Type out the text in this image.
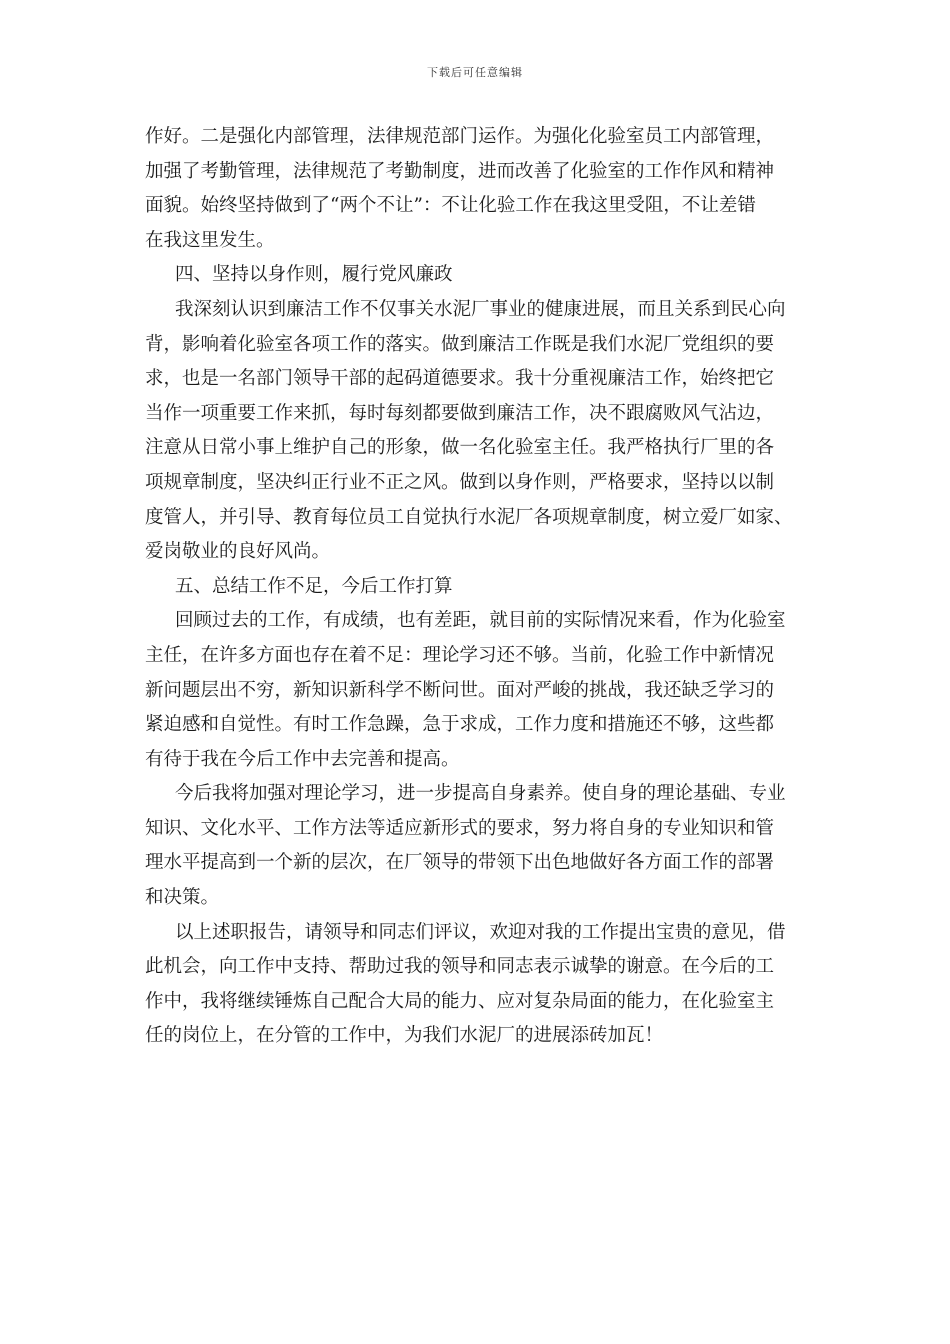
下载后可任意编辑
作好。二是强化内部管理，法律规范部门运作。为强化化验室员工内部管理，
加强了考勤管理，法律规范了考勤制度，进而改善了化验室的工作作风和精神
面貌。始终坚持做到了“两个不让”：不让化验工作在我这里受阻，不让差错
在我这里发生。
四、坚持以身作则，履行党风廉政
我深刻认识到廉洁工作不仅事关水泥厂事业的健康进展，而且关系到民心向
背，影响着化验室各项工作的落实。做到廉洁工作既是我们水泥厂党组织的要
求，也是一名部门领导干部的起码道德要求。我十分重视廉洁工作，始终把它
当作一项重要工作来抓，每时每刻都要做到廉洁工作，决不跟腐败风气沾边，
注意从日常小事上维护自己的形象，做一名化验室主任。我严格执行厂里的各
项规章制度，坚决纠正行业不正之风。做到以身作则，严格要求，坚持以以制
度管人，并引导、教育每位员工自觉执行水泥厂各项规章制度，树立爱厂如家、
爱岗敬业的良好风尚。
五、总结工作不足，今后工作打算
回顾过去的工作，有成绩，也有差距，就目前的实际情况来看，作为化验室
主任，在许多方面也存在着不足：理论学习还不够。当前，化验工作中新情况
新问题层出不穷，新知识新科学不断问世。面对严峻的挑战，我还缺乏学习的
紧迫感和自觉性。有时工作急躁，急于求成，工作力度和措施还不够，这些都
有待于我在今后工作中去完善和提高。
今后我将加强对理论学习，进一步提高自身素养。使自身的理论基础、专业
知识、文化水平、工作方法等适应新形式的要求，努力将自身的专业知识和管
理水平提高到一个新的层次，在厂领导的带领下出色地做好各方面工作的部署
和决策。
以上述职报告，请领导和同志们评议，欢迎对我的工作提出宝贵的意见，借
此机会，向工作中支持、帮助过我的领导和同志表示诚挚的谢意。在今后的工
作中，我将继续锤炼自己配合大局的能力、应对复杂局面的能力，在化验室主
任的岗位上，在分管的工作中，为我们水泥厂的进展添砖加瓦！
